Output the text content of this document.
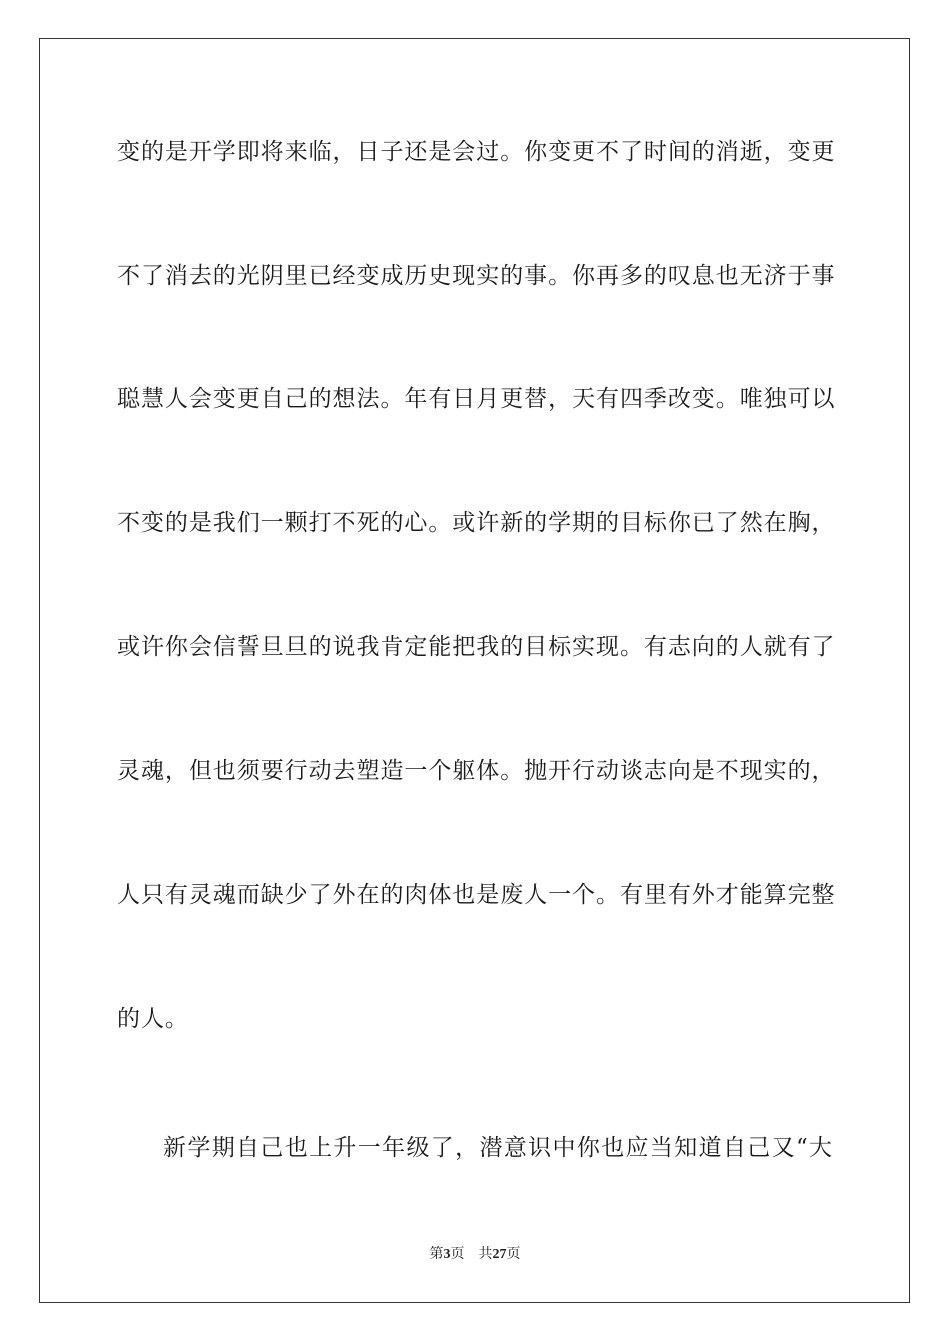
变的是开学即将来临，日子还是会过。你变更不了时间的消逝，变更
不了消去的光阴里已经变成历史现实的事。你再多的叹息也无济于事
聪慧人会变更自己的想法。年有日月更替，天有四季改变。唯独可以
不变的是我们一颗打不死的心。或许新的学期的目标你已了然在胸，
或许你会信誓旦旦的说我肯定能把我的目标实现。有志向的人就有了
灵魂，但也须要行动去塑造一个躯体。抛开行动谈志向是不现实的，
人只有灵魂而缺少了外在的肉体也是废人一个。有里有外才能算完整
的人。
新学期自己也上升一年级了，潜意识中你也应当知道自己又“大
第3页 共27页
